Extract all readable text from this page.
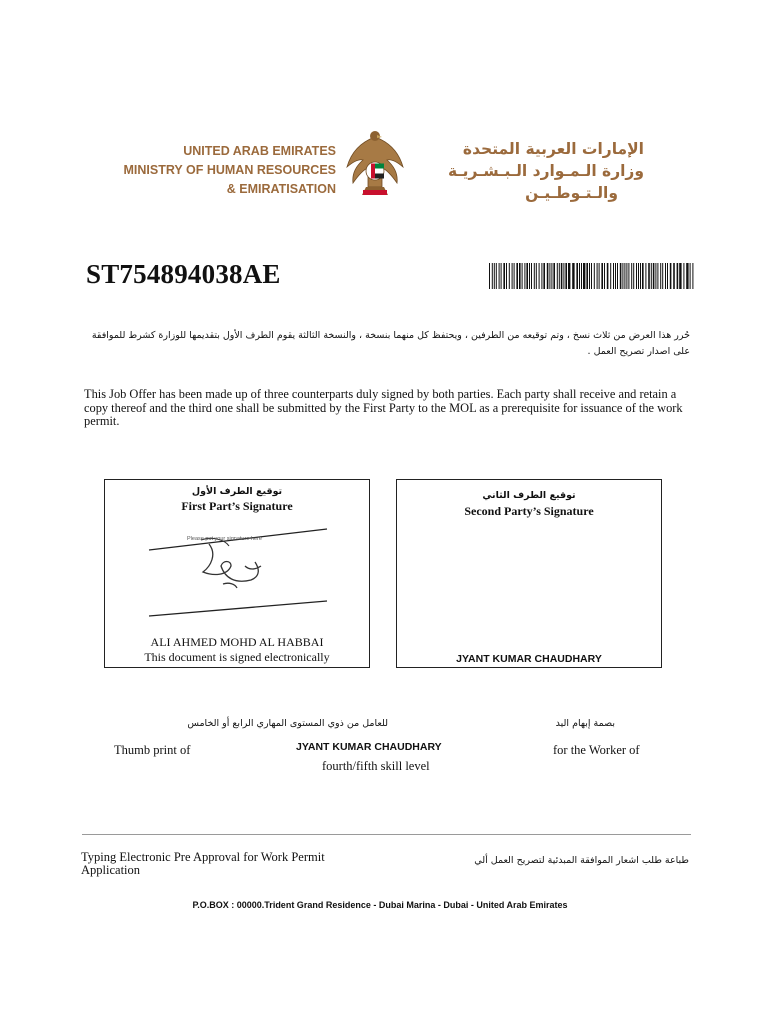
UNITED ARAB EMIRATES
MINISTRY OF HUMAN RESOURCES
& EMIRATISATION
الإمارات العربية المتحدة
وزارة الـمـوارد الـبـشـريـة
والـتـوطـيـن
ST754894038AE
حُرر هذا العرض من ثلاث نسخ ، وتم توقيعه من الطرفين ، ويحتفظ كل منهما بنسخة ، والنسخة الثالثة يقوم الطرف الأول بتقديمها للوزارة كشرط للموافقة على اصدار تصريح العمل .
This Job Offer has been made up of three counterparts duly signed by both parties. Each party shall receive and retain a copy thereof and the third one shall be submitted by the First Party to the MOL as a prerequisite for issuance of the work permit.
توقيع الطرف الأول
First Part’s Signature
Please put your signature here
ALI AHMED MOHD AL HABBAI
This document is signed electronically
توقيع الطرف الثاني
Second Party’s Signature
JYANT KUMAR CHAUDHARY
للعامل من ذوي المستوى المهاري الرابع أو الخامس	بصمة إبهام اليد
Thumb print of	JYANT KUMAR CHAUDHARY
fourth/fifth skill level
for the Worker of
Typing Electronic Pre Approval for Work Permit Application
طباعة طلب اشعار الموافقة المبدئية لتصريح العمل ألي
P.O.BOX : 00000.Trident Grand Residence - Dubai Marina - Dubai - United Arab Emirates
